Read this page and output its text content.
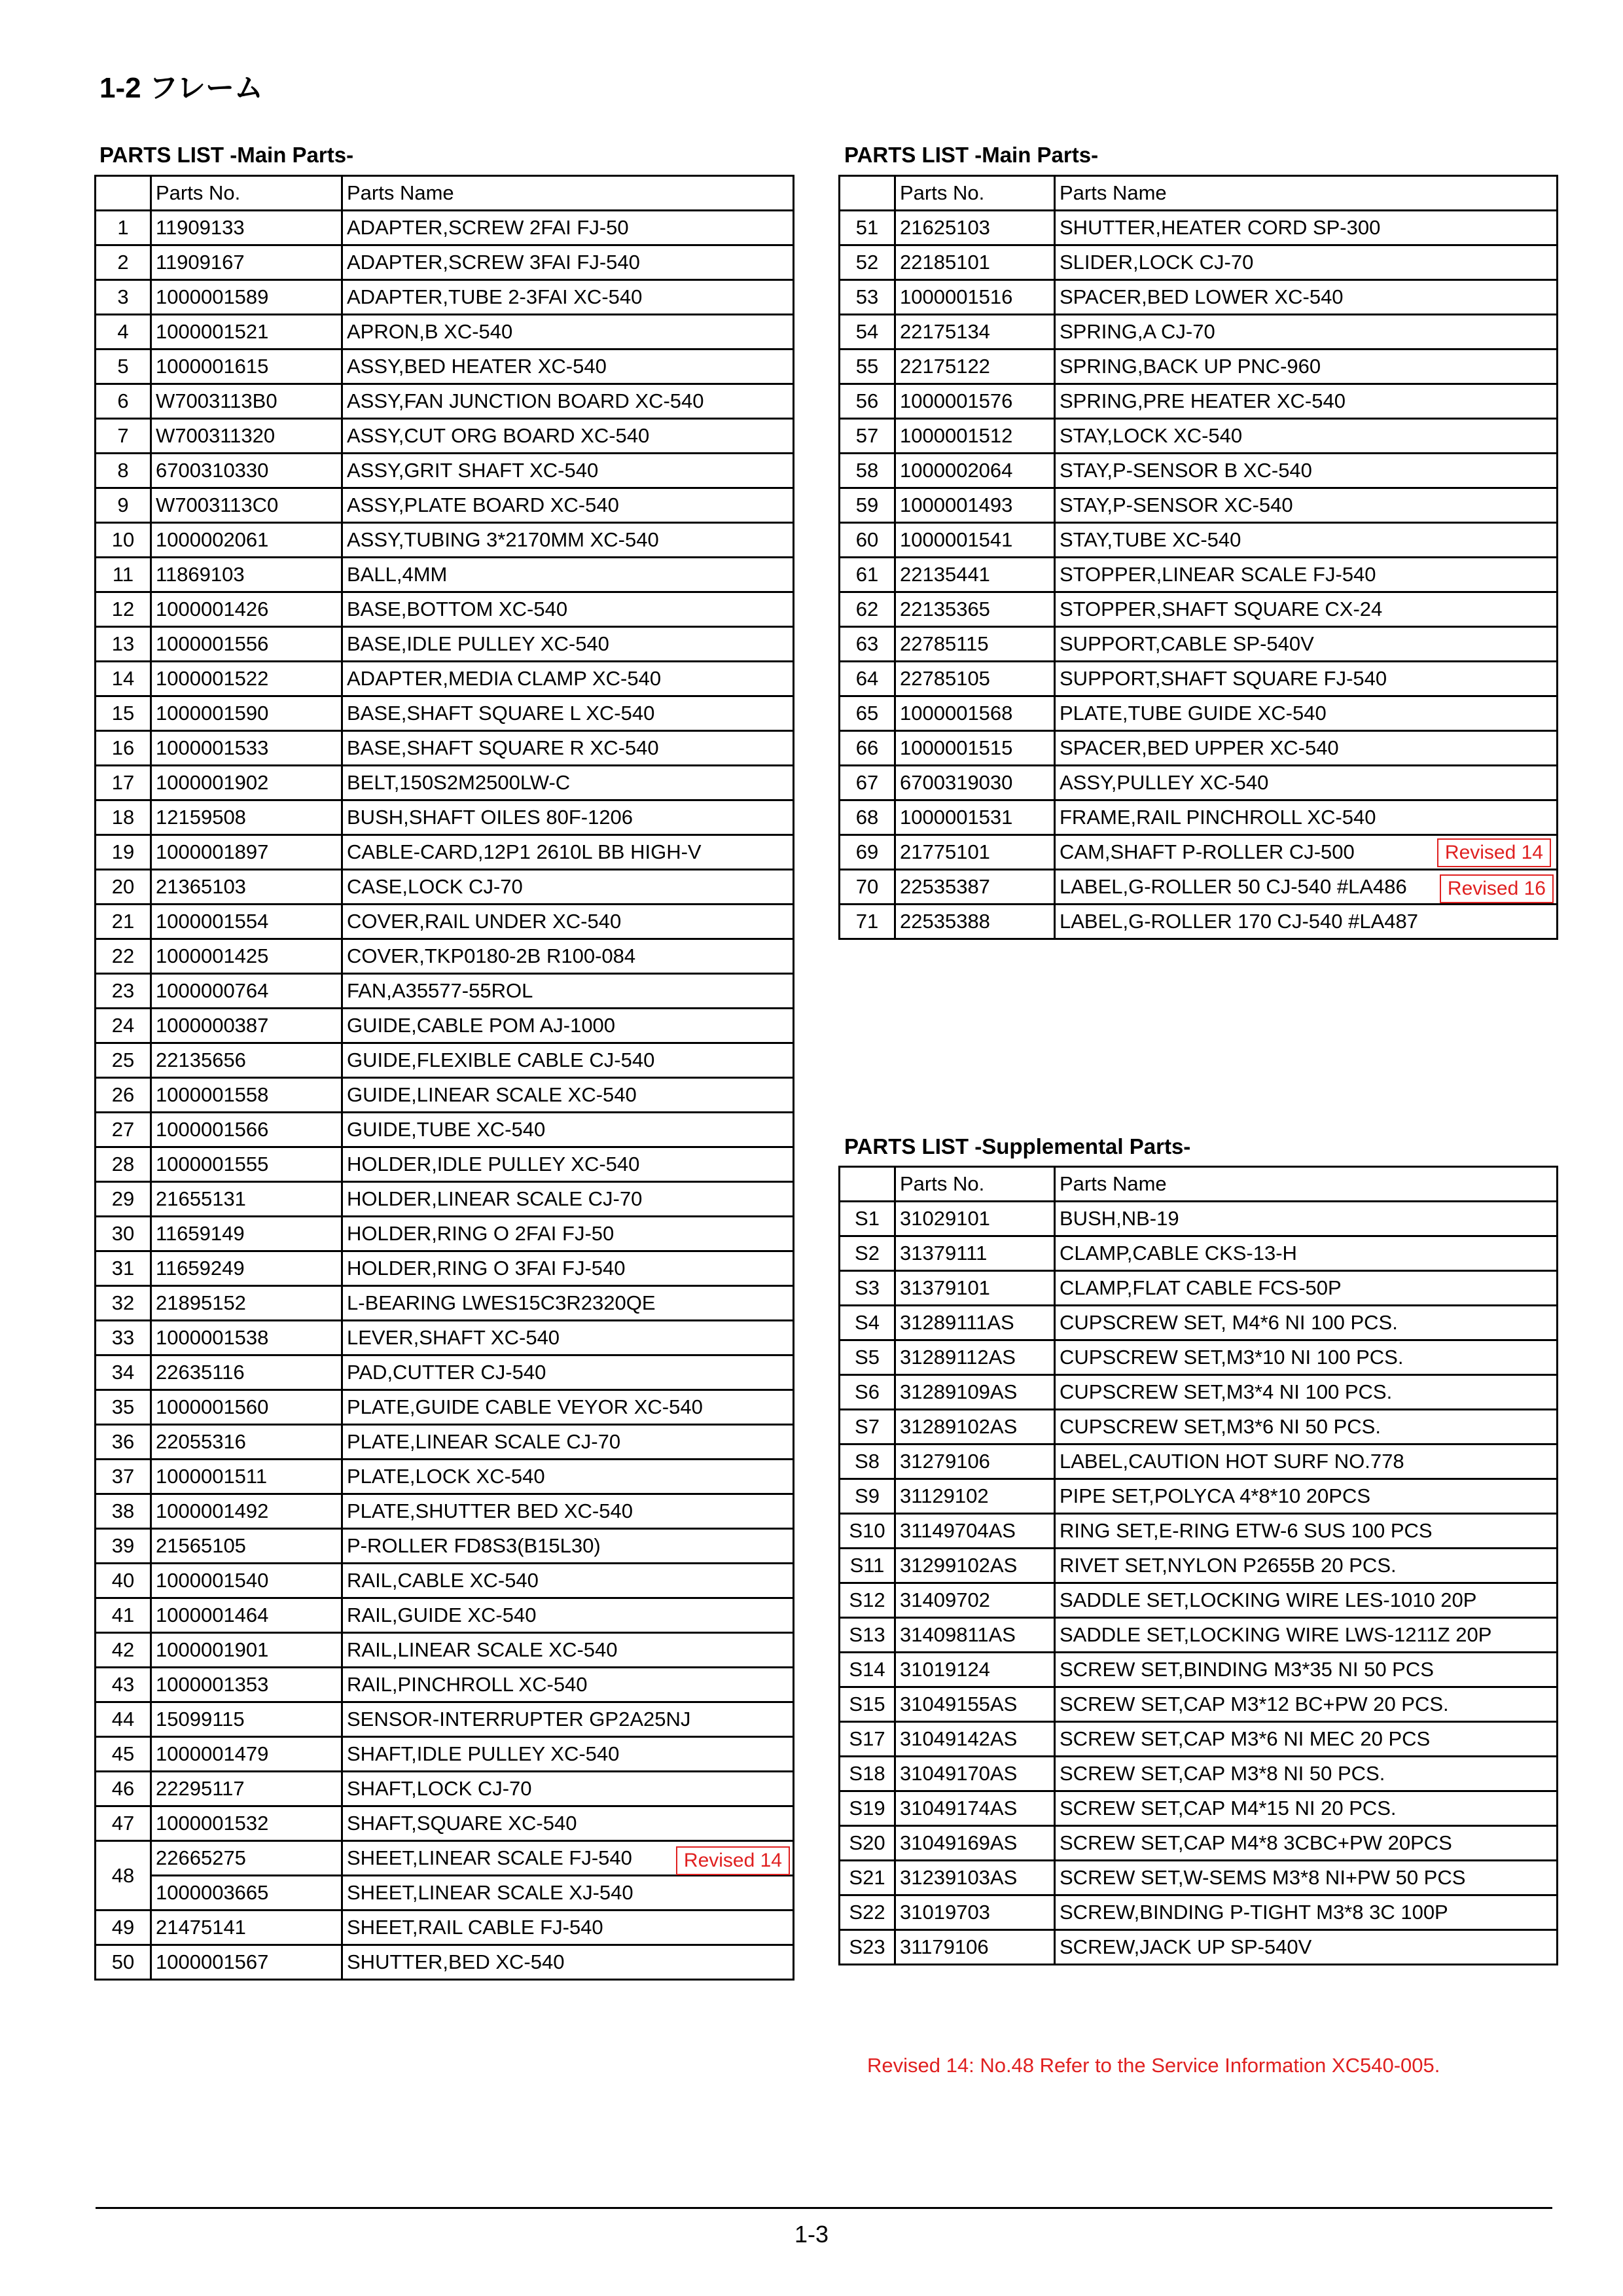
1-2 フレーム
PARTS LIST -Main Parts-	PARTS LIST -Main Parts-
PARTS LIST -Supplemental Parts-
	Parts No.	Parts Name
1	11909133	ADAPTER,SCREW 2FAI FJ-50
2	11909167	ADAPTER,SCREW 3FAI FJ-540
3	1000001589	ADAPTER,TUBE 2-3FAI XC-540
4	1000001521	APRON,B XC-540
5	1000001615	ASSY,BED HEATER XC-540
6	W7003113B0	ASSY,FAN JUNCTION BOARD XC-540
7	W700311320	ASSY,CUT ORG BOARD XC-540
8	6700310330	ASSY,GRIT SHAFT XC-540
9	W7003113C0	ASSY,PLATE BOARD XC-540
10	1000002061	ASSY,TUBING 3*2170MM XC-540
11	11869103	BALL,4MM
12	1000001426	BASE,BOTTOM XC-540
13	1000001556	BASE,IDLE PULLEY XC-540
14	1000001522	ADAPTER,MEDIA CLAMP XC-540
15	1000001590	BASE,SHAFT SQUARE L XC-540
16	1000001533	BASE,SHAFT SQUARE R XC-540
17	1000001902	BELT,150S2M2500LW-C
18	12159508	BUSH,SHAFT OILES 80F-1206
19	1000001897	CABLE-CARD,12P1 2610L BB HIGH-V
20	21365103	CASE,LOCK CJ-70
21	1000001554	COVER,RAIL UNDER XC-540
22	1000001425	COVER,TKP0180-2B R100-084
23	1000000764	FAN,A35577-55ROL
24	1000000387	GUIDE,CABLE POM AJ-1000
25	22135656	GUIDE,FLEXIBLE CABLE CJ-540
26	1000001558	GUIDE,LINEAR SCALE XC-540
27	1000001566	GUIDE,TUBE XC-540
28	1000001555	HOLDER,IDLE PULLEY XC-540
29	21655131	HOLDER,LINEAR SCALE CJ-70
30	11659149	HOLDER,RING O 2FAI FJ-50
31	11659249	HOLDER,RING O 3FAI FJ-540
32	21895152	L-BEARING LWES15C3R2320QE
33	1000001538	LEVER,SHAFT XC-540
34	22635116	PAD,CUTTER CJ-540
35	1000001560	PLATE,GUIDE CABLE VEYOR XC-540
36	22055316	PLATE,LINEAR SCALE CJ-70
37	1000001511	PLATE,LOCK XC-540
38	1000001492	PLATE,SHUTTER BED XC-540
39	21565105	P-ROLLER FD8S3(B15L30)
40	1000001540	RAIL,CABLE XC-540
41	1000001464	RAIL,GUIDE XC-540
42	1000001901	RAIL,LINEAR SCALE XC-540
43	1000001353	RAIL,PINCHROLL XC-540
44	15099115	SENSOR-INTERRUPTER GP2A25NJ
45	1000001479	SHAFT,IDLE PULLEY XC-540
46	22295117	SHAFT,LOCK CJ-70
47	1000001532	SHAFT,SQUARE XC-540
48	22665275	SHEET,LINEAR SCALE FJ-540
	1000003665	SHEET,LINEAR SCALE XJ-540
Revised 14

49	21475141	SHEET,RAIL CABLE FJ-540
50	1000001567	SHUTTER,BED XC-540
	Parts No.	Parts Name
51	21625103	SHUTTER,HEATER CORD SP-300
52	22185101	SLIDER,LOCK CJ-70
53	1000001516	SPACER,BED LOWER XC-540
54	22175134	SPRING,A CJ-70
55	22175122	SPRING,BACK UP PNC-960
56	1000001576	SPRING,PRE HEATER XC-540
57	1000001512	STAY,LOCK XC-540
58	1000002064	STAY,P-SENSOR B XC-540
59	1000001493	STAY,P-SENSOR XC-540
60	1000001541	STAY,TUBE XC-540
61	22135441	STOPPER,LINEAR SCALE FJ-540
62	22135365	STOPPER,SHAFT SQUARE CX-24
63	22785115	SUPPORT,CABLE SP-540V
64	22785105	SUPPORT,SHAFT SQUARE FJ-540
65	1000001568	PLATE,TUBE GUIDE XC-540
66	1000001515	SPACER,BED UPPER XC-540
67	6700319030	ASSY,PULLEY XC-540
68	1000001531	FRAME,RAIL PINCHROLL XC-540
69	21775101	CAM,SHAFT P-ROLLER CJ-500 Revised 14

70	22535387	LABEL,G-ROLLER 50 CJ-540 #LA486 Revised 16

71	22535388	LABEL,G-ROLLER 170 CJ-540 #LA487
	Parts No.	Parts Name
S1	31029101	BUSH,NB-19
S2	31379111	CLAMP,CABLE CKS-13-H
S3	31379101	CLAMP,FLAT CABLE FCS-50P
S4	31289111AS	CUPSCREW SET, M4*6 NI 100 PCS.
S5	31289112AS	CUPSCREW SET,M3*10 NI 100 PCS.
S6	31289109AS	CUPSCREW SET,M3*4 NI 100 PCS.
S7	31289102AS	CUPSCREW SET,M3*6 NI 50 PCS.
S8	31279106	LABEL,CAUTION HOT SURF NO.778
S9	31129102	PIPE SET,POLYCA 4*8*10 20PCS
S10	31149704AS	RING SET,E-RING ETW-6 SUS 100 PCS
S11	31299102AS	RIVET SET,NYLON P2655B 20 PCS.
S12	31409702	SADDLE SET,LOCKING WIRE LES-1010 20P
S13	31409811AS	SADDLE SET,LOCKING WIRE LWS-1211Z 20P
S14	31019124	SCREW SET,BINDING M3*35 NI 50 PCS
S15	31049155AS	SCREW SET,CAP M3*12 BC+PW 20 PCS.
S17	31049142AS	SCREW SET,CAP M3*6 NI MEC 20 PCS
S18	31049170AS	SCREW SET,CAP M3*8 NI 50 PCS.
S19	31049174AS	SCREW SET,CAP M4*15 NI 20 PCS.
S20	31049169AS	SCREW SET,CAP M4*8 3CBC+PW 20PCS
S21	31239103AS	SCREW SET,W-SEMS M3*8 NI+PW 50 PCS
S22	31019703	SCREW,BINDING P-TIGHT M3*8 3C 100P
S23	31179106	SCREW,JACK UP SP-540V
Revised 14: No.48 Refer to the Service Information XC540-005.
1-3
